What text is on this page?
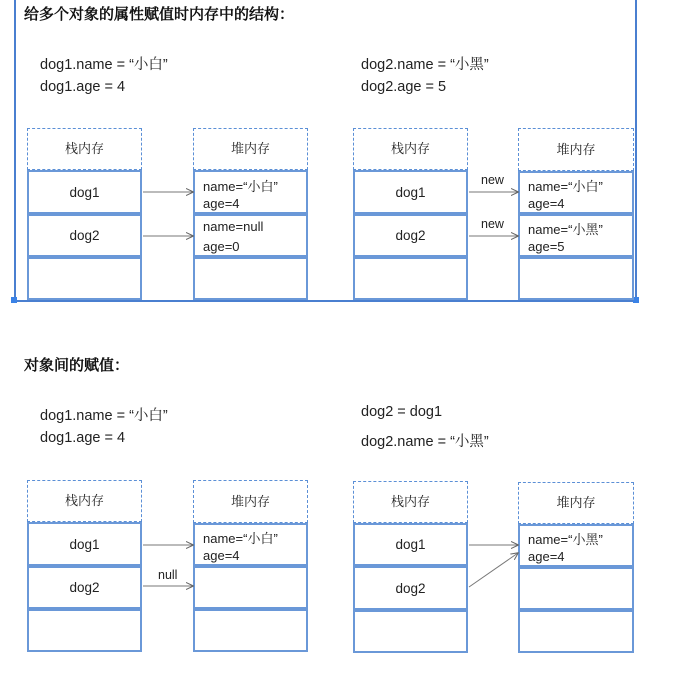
给多个对象的属性赋值时内存中的结构：
dog1.name = “小白”
dog1.age = 4
dog2.name = “小黑”
dog2.age = 5
栈内存
dog1
dog2
堆内存
name=“小白”
age=4
name=null
age=0
栈内存
dog1
dog2
堆内存
name=“小白”
age=4
name=“小黑”
age=5
对象间的赋值：
dog1.name = “小白”
dog1.age = 4
dog2 = dog1
dog2.name = “小黑”
栈内存
dog1
dog2
堆内存
name=“小白”
age=4
栈内存
dog1
dog2
堆内存
name=“小黑”
age=4
new
new
null
